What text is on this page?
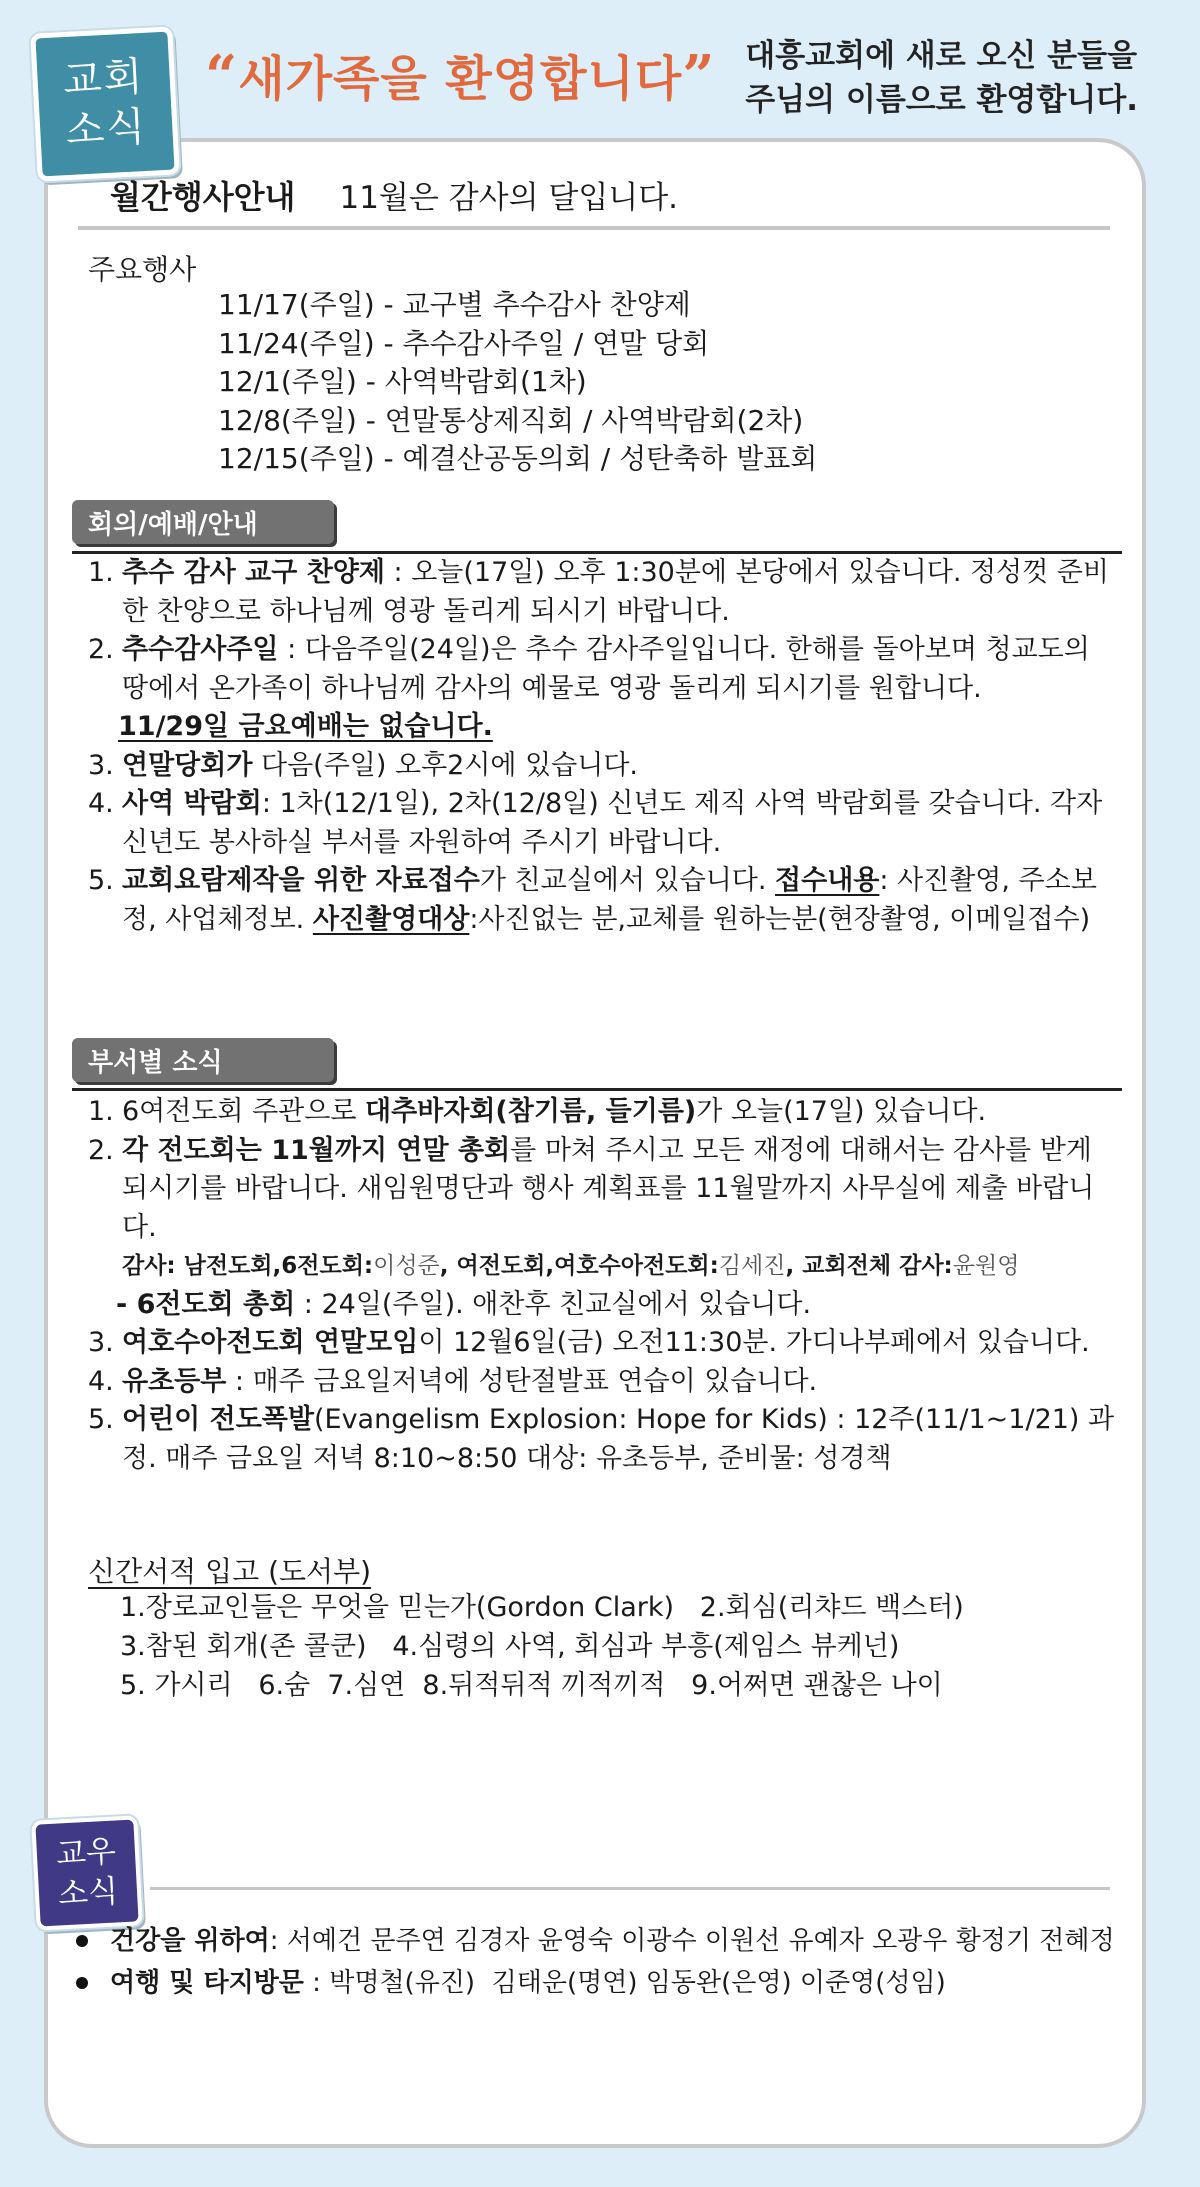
교회
소식
“새가족을 환영합니다” 대흥교회에 새로 오신 분들을
주님의 이름으로 환영합니다.
월간행사안내 11월은 감사의 달입니다.
주요행사
11/17(주일) - 교구별 추수감사 찬양제
11/24(주일) - 추수감사주일 / 연말 당회
12/1(주일) - 사역박람회(1차)
12/8(주일) - 연말통상제직회 / 사역박람회(2차)
12/15(주일) - 예결산공동의회 / 성탄축하 발표회
회의/예배/안내
1. 추수 감사 교구 찬양제 : 오늘(17일) 오후 1:30분에 본당에서 있습니다. 정성껏 준비한 찬양으로 하나님께 영광 돌리게 되시기 바랍니다.
2. 추수감사주일 : 다음주일(24일)은 추수 감사주일입니다. 한해를 돌아보며 청교도의 땅에서 온가족이 하나님께 감사의 예물로 영광 돌리게 되시기를 원합니다.
11/29일 금요예배는 없습니다.
3. 연말당회가 다음(주일) 오후2시에 있습니다.
4. 사역 박람회: 1차(12/1일), 2차(12/8일) 신년도 제직 사역 박람회를 갖습니다. 각자 신년도 봉사하실 부서를 자원하여 주시기 바랍니다.
5. 교회요람제작을 위한 자료접수가 친교실에서 있습니다. 접수내용: 사진촬영, 주소보정, 사업체정보. 사진촬영대상:사진없는 분,교체를 원하는분(현장촬영, 이메일접수)
부서별 소식
1. 6여전도회 주관으로 대추바자회(참기름, 들기름)가 오늘(17일) 있습니다.
2. 각 전도회는 11월까지 연말 총회를 마쳐 주시고 모든 재정에 대해서는 감사를 받게 되시기를 바랍니다. 새임원명단과 행사 계획표를 11월말까지 사무실에 제출 바랍니다.
감사: 남전도회,6전도회:이성준, 여전도회,여호수아전도회:김세진, 교회전체 감사:윤원영
- 6전도회 총회 : 24일(주일). 애찬후 친교실에서 있습니다.
3. 여호수아전도회 연말모임이 12월6일(금) 오전11:30분. 가디나부페에서 있습니다.
4. 유초등부 : 매주 금요일저녁에 성탄절발표 연습이 있습니다.
5. 어린이 전도폭발(Evangelism Explosion: Hope for Kids) : 12주(11/1~1/21) 과정. 매주 금요일 저녁 8:10~8:50 대상: 유초등부, 준비물: 성경책
신간서적 입고 (도서부)
1.장로교인들은 무엇을 믿는가(Gordon Clark)   2.회심(리챠드 백스터)
3.참된 회개(존 콜쿤)   4.심령의 사역, 회심과 부흥(제임스 뷰케넌)
5. 가시리   6.숨  7.심연  8.뒤적뒤적 끼적끼적   9.어쩌면 괜찮은 나이
교우
소식
건강을 위하여: 서예건 문주연 김경자 윤영숙 이광수 이원선 유예자 오광우 황정기 전혜정
여행 및 타지방문 : 박명철(유진)  김태운(명연) 임동완(은영) 이준영(성임)
